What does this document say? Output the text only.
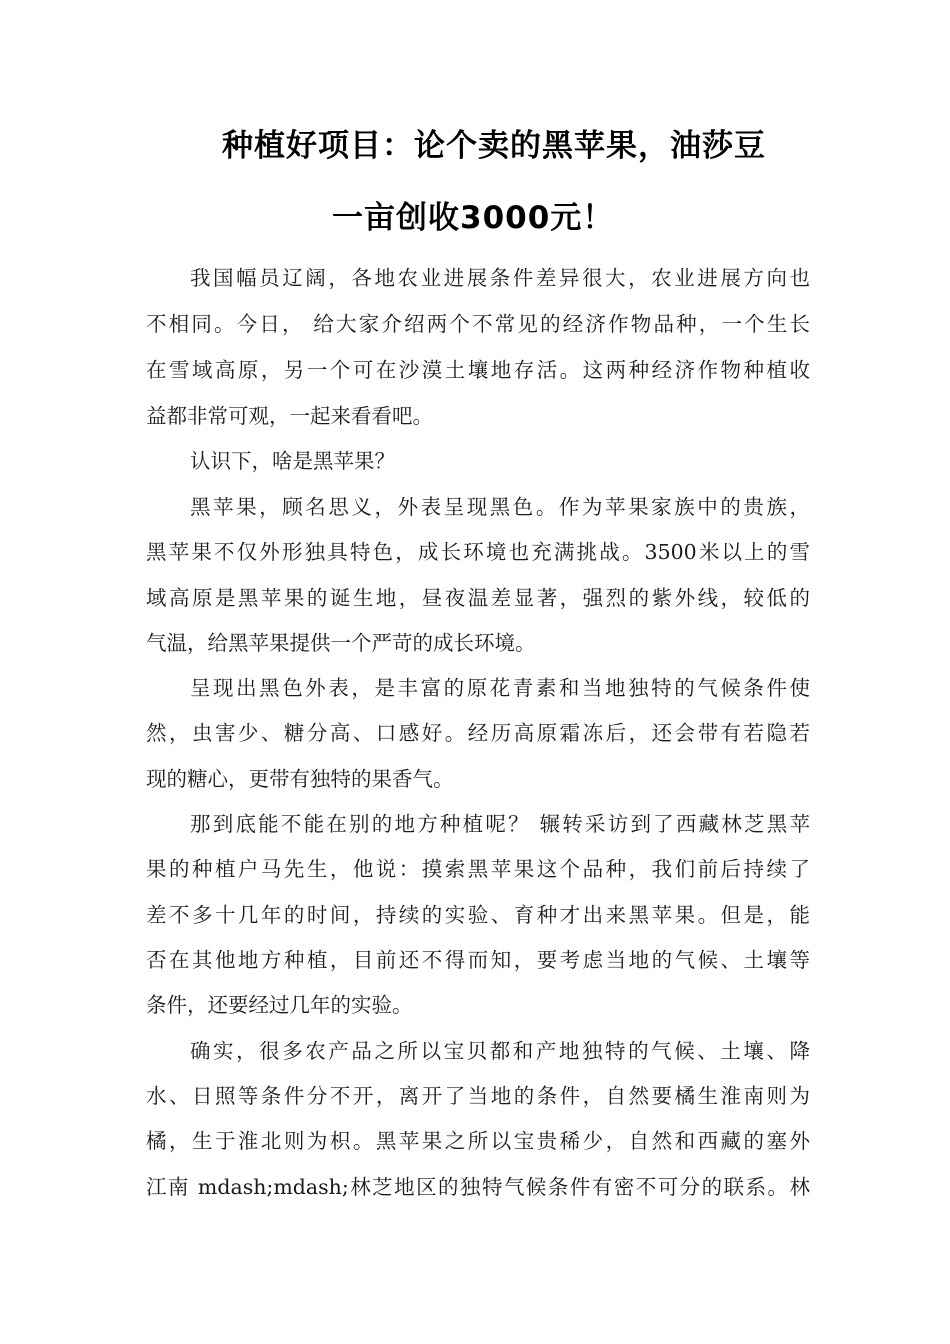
种植好项目：论个卖的黑苹果，油莎豆
一亩创收3000元！
我国幅员辽阔，各地农业进展条件差异很大，农业进展方向也
不相同。今日， 给大家介绍两个不常见的经济作物品种，一个生长
在雪域高原，另一个可在沙漠土壤地存活。这两种经济作物种植收
益都非常可观，一起来看看吧。
认识下，啥是黑苹果？
黑苹果，顾名思义，外表呈现黑色。作为苹果家族中的贵族，
黑苹果不仅外形独具特色，成长环境也充满挑战。3500米以上的雪
域高原是黑苹果的诞生地，昼夜温差显著，强烈的紫外线，较低的
气温，给黑苹果提供一个严苛的成长环境。
呈现出黑色外表，是丰富的原花青素和当地独特的气候条件使
然，虫害少、糖分高、口感好。经历高原霜冻后，还会带有若隐若
现的糖心，更带有独特的果香气。
那到底能不能在别的地方种植呢？ 辗转采访到了西藏林芝黑苹
果的种植户马先生，他说：摸索黑苹果这个品种，我们前后持续了
差不多十几年的时间，持续的实验、育种才出来黑苹果。但是，能
否在其他地方种植，目前还不得而知，要考虑当地的气候、土壤等
条件，还要经过几年的实验。
确实，很多农产品之所以宝贝都和产地独特的气候、土壤、降
水、日照等条件分不开，离开了当地的条件，自然要橘生淮南则为
橘，生于淮北则为枳。黑苹果之所以宝贵稀少，自然和西藏的塞外
江南 mdash;mdash;林芝地区的独特气候条件有密不可分的联系。林
